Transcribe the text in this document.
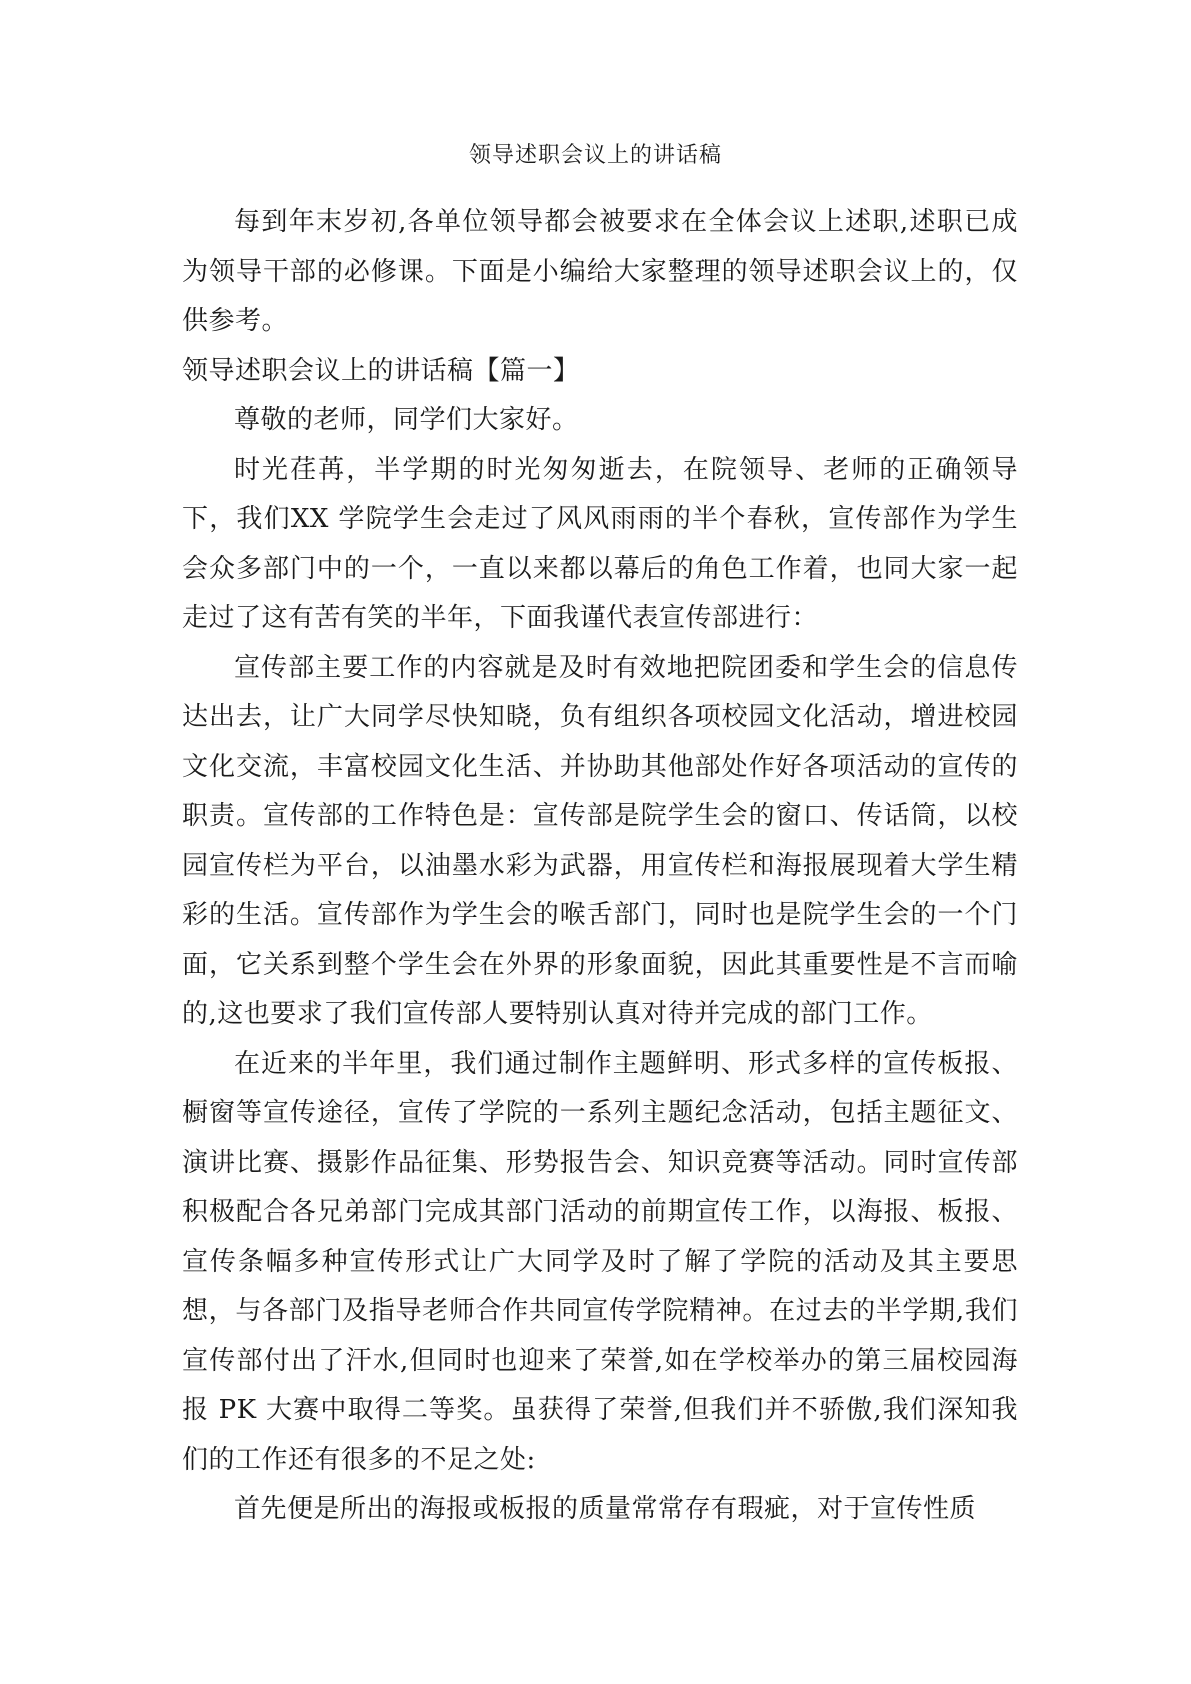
领导述职会议上的讲话稿

每到年末岁初,各单位领导都会被要求在全体会议上述职,述职已成为领导干部的必修课。下面是小编给大家整理的领导述职会议上的，仅供参考。

领导述职会议上的讲话稿【篇一】

尊敬的老师，同学们大家好。

时光荏苒，半学期的时光匆匆逝去，在院领导、老师的正确领导下，我们XX 学院学生会走过了风风雨雨的半个春秋，宣传部作为学生会众多部门中的一个，一直以来都以幕后的角色工作着，也同大家一起走过了这有苦有笑的半年，下面我谨代表宣传部进行：

宣传部主要工作的内容就是及时有效地把院团委和学生会的信息传达出去，让广大同学尽快知晓，负有组织各项校园文化活动，增进校园文化交流，丰富校园文化生活、并协助其他部处作好各项活动的宣传的职责。宣传部的工作特色是：宣传部是院学生会的窗口、传话筒，以校园宣传栏为平台，以油墨水彩为武器，用宣传栏和海报展现着大学生精彩的生活。宣传部作为学生会的喉舌部门，同时也是院学生会的一个门面，它关系到整个学生会在外界的形象面貌，因此其重要性是不言而喻的,这也要求了我们宣传部人要特别认真对待并完成的部门工作。

在近来的半年里，我们通过制作主题鲜明、形式多样的宣传板报、橱窗等宣传途径，宣传了学院的一系列主题纪念活动，包括主题征文、演讲比赛、摄影作品征集、形势报告会、知识竞赛等活动。同时宣传部积极配合各兄弟部门完成其部门活动的前期宣传工作，以海报、板报、宣传条幅多种宣传形式让广大同学及时了解了学院的活动及其主要思想，与各部门及指导老师合作共同宣传学院精神。在过去的半学期,我们宣传部付出了汗水,但同时也迎来了荣誉,如在学校举办的第三届校园海报 PK 大赛中取得二等奖。虽获得了荣誉,但我们并不骄傲,我们深知我们的工作还有很多的不足之处:

首先便是所出的海报或板报的质量常常存有瑕疵，对于宣传性质
